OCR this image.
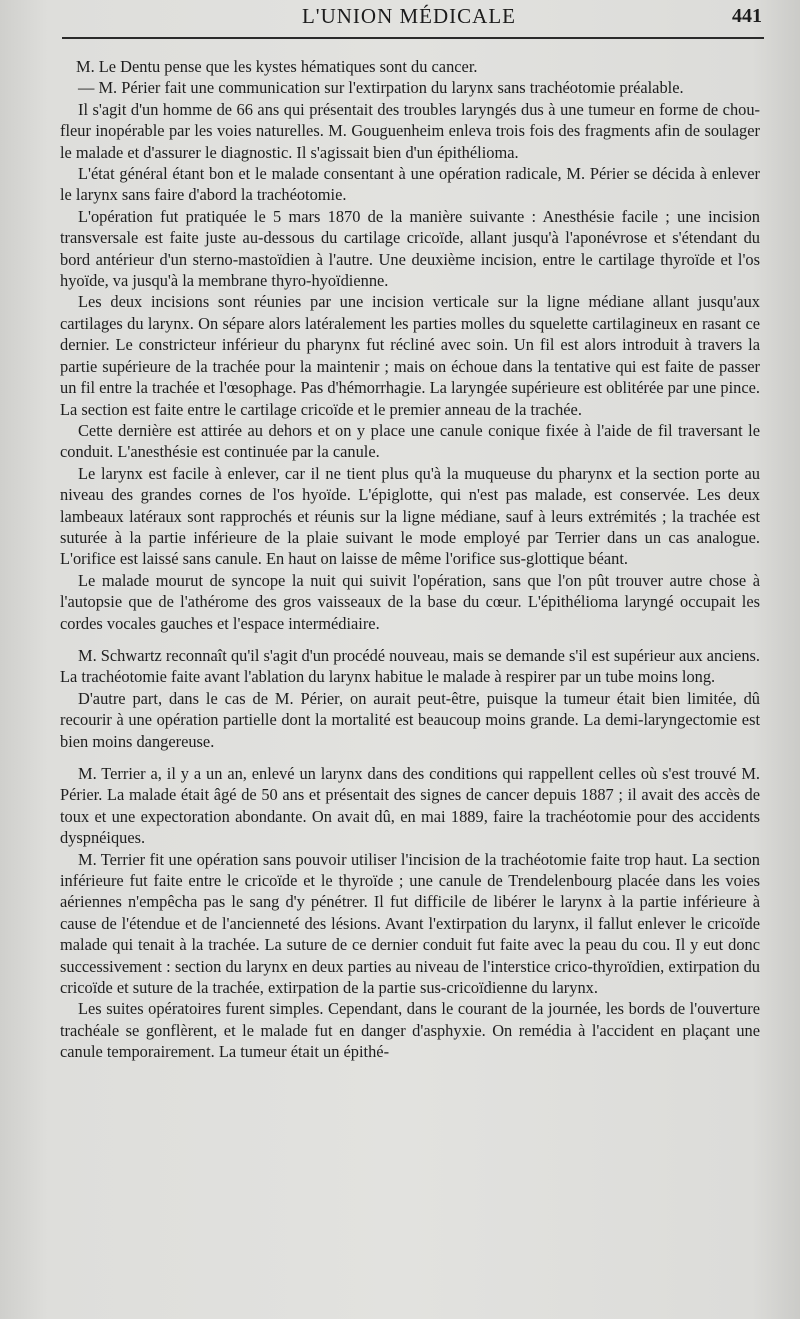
L'UNION MÉDICALE	441

M. Le Dentu pense que les kystes hématiques sont du cancer.

— M. Périer fait une communication sur l'extirpation du larynx sans trachéotomie préalable.

Il s'agit d'un homme de 66 ans qui présentait des troubles laryngés dus à une tumeur en forme de chou-fleur inopérable par les voies naturelles. M. Gouguenheim enleva trois fois des fragments afin de soulager le malade et d'assurer le diagnostic. Il s'agissait bien d'un épithélioma.

L'état général étant bon et le malade consentant à une opération radicale, M. Périer se décida à enlever le larynx sans faire d'abord la trachéotomie.

L'opération fut pratiquée le 5 mars 1870 de la manière suivante : Anesthésie facile ; une incision transversale est faite juste au-dessous du cartilage cricoïde, allant jusqu'à l'aponévrose et s'étendant du bord antérieur d'un sterno-mastoïdien à l'autre. Une deuxième incision, entre le cartilage thyroïde et l'os hyoïde, va jusqu'à la membrane thyro-hyoïdienne.

Les deux incisions sont réunies par une incision verticale sur la ligne médiane allant jusqu'aux cartilages du larynx. On sépare alors latéralement les parties molles du squelette cartilagineux en rasant ce dernier. Le constricteur inférieur du pharynx fut récliné avec soin. Un fil est alors introduit à travers la partie supérieure de la trachée pour la maintenir ; mais on échoue dans la tentative qui est faite de passer un fil entre la trachée et l'œsophage. Pas d'hémorrhagie. La laryngée supérieure est oblitérée par une pince. La section est faite entre le cartilage cricoïde et le premier anneau de la trachée.

Cette dernière est attirée au dehors et on y place une canule conique fixée à l'aide de fil traversant le conduit. L'anesthésie est continuée par la canule.

Le larynx est facile à enlever, car il ne tient plus qu'à la muqueuse du pharynx et la section porte au niveau des grandes cornes de l'os hyoïde. L'épiglotte, qui n'est pas malade, est conservée. Les deux lambeaux latéraux sont rapprochés et réunis sur la ligne médiane, sauf à leurs extrémités ; la trachée est suturée à la partie inférieure de la plaie suivant le mode employé par Terrier dans un cas analogue. L'orifice est laissé sans canule. En haut on laisse de même l'orifice sus-glottique béant.

Le malade mourut de syncope la nuit qui suivit l'opération, sans que l'on pût trouver autre chose à l'autopsie que de l'athérome des gros vaisseaux de la base du cœur. L'épithélioma laryngé occupait les cordes vocales gauches et l'espace intermédiaire.

M. Schwartz reconnaît qu'il s'agit d'un procédé nouveau, mais se demande s'il est supérieur aux anciens. La trachéotomie faite avant l'ablation du larynx habitue le malade à respirer par un tube moins long.

D'autre part, dans le cas de M. Périer, on aurait peut-être, puisque la tumeur était bien limitée, dû recourir à une opération partielle dont la mortalité est beaucoup moins grande. La demi-laryngectomie est bien moins dangereuse.

M. Terrier a, il y a un an, enlevé un larynx dans des conditions qui rappellent celles où s'est trouvé M. Périer. La malade était âgé de 50 ans et présentait des signes de cancer depuis 1887 ; il avait des accès de toux et une expectoration abondante. On avait dû, en mai 1889, faire la trachéotomie pour des accidents dyspnéiques.

M. Terrier fit une opération sans pouvoir utiliser l'incision de la trachéotomie faite trop haut. La section inférieure fut faite entre le cricoïde et le thyroïde ; une canule de Trendelenbourg placée dans les voies aériennes n'empêcha pas le sang d'y pénétrer. Il fut difficile de libérer le larynx à la partie inférieure à cause de l'étendue et de l'ancienneté des lésions. Avant l'extirpation du larynx, il fallut enlever le cricoïde malade qui tenait à la trachée. La suture de ce dernier conduit fut faite avec la peau du cou. Il y eut donc successivement : section du larynx en deux parties au niveau de l'interstice crico-thyroïdien, extirpation du cricoïde et suture de la trachée, extirpation de la partie sus-cricoïdienne du larynx.

Les suites opératoires furent simples. Cependant, dans le courant de la journée, les bords de l'ouverture trachéale se gonflèrent, et le malade fut en danger d'asphyxie. On remédia à l'accident en plaçant une canule temporairement. La tumeur était un épithé-
